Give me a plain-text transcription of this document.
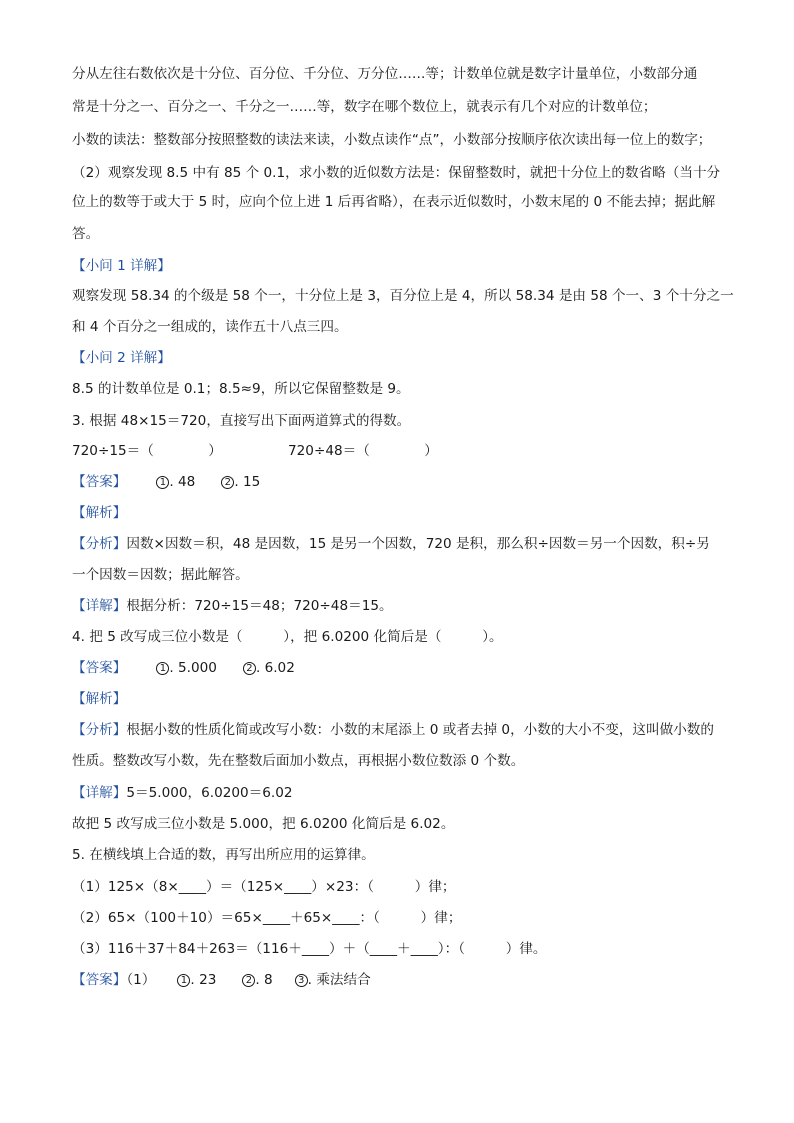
分从左往右数依次是十分位、百分位、千分位、万分位……等；计数单位就是数字计量单位，小数部分通
常是十分之一、百分之一、千分之一……等，数字在哪个数位上，就表示有几个对应的计数单位；
小数的读法：整数部分按照整数的读法来读，小数点读作“点”，小数部分按顺序依次读出每一位上的数字；
（2）观察发现 8.5 中有 85 个 0.1，求小数的近似数方法是：保留整数时，就把十分位上的数省略（当十分
位上的数等于或大于 5 时，应向个位上进 1 后再省略），在表示近似数时，小数末尾的 0 不能去掉；据此解
答。
【小问 1 详解】
观察发现 58.34 的个级是 58 个一，十分位上是 3，百分位上是 4，所以 58.34 是由 58 个一、3 个十分之一
和 4 个百分之一组成的，读作五十八点三四。
【小问 2 详解】
8.5 的计数单位是 0.1；8.5≈9，所以它保留整数是 9。
3. 根据 48×15＝720，直接写出下面两道算式的得数。
720÷15＝（　　　　）	720÷48＝（　　　　）
【答案】	1 . 48	2 . 15
【解析】
【分析】因数×因数＝积，48 是因数，15 是另一个因数，720 是积，那么积÷因数＝另一个因数，积÷另
一个因数＝因数；据此解答。
【详解】根据分析：720÷15＝48；720÷48＝15。
4. 把 5 改写成三位小数是（　　　），把 6.0200 化简后是（　　　）。
【答案】	1 . 5.000	2 . 6.02
【解析】
【分析】根据小数的性质化简或改写小数：小数的末尾添上 0 或者去掉 0，小数的大小不变，这叫做小数的
性质。整数改写小数，先在整数后面加小数点，再根据小数位数添 0 个数。
【详解】5＝5.000，6.0200＝6.02
故把 5 改写成三位小数是 5.000，把 6.0200 化简后是 6.02。
5. 在横线填上合适的数，再写出所应用的运算律。
（1）125×（8×____）＝（125×____）×23：（　　　）律；
（2）65×（100＋10）＝65×____＋65×____：（　　　）律；
（3）116＋37＋84＋263＝（116＋____）＋（____＋____）：（　　　）律。
【答案】（1）	1 . 23	2 . 8	3 . 乘法结合
